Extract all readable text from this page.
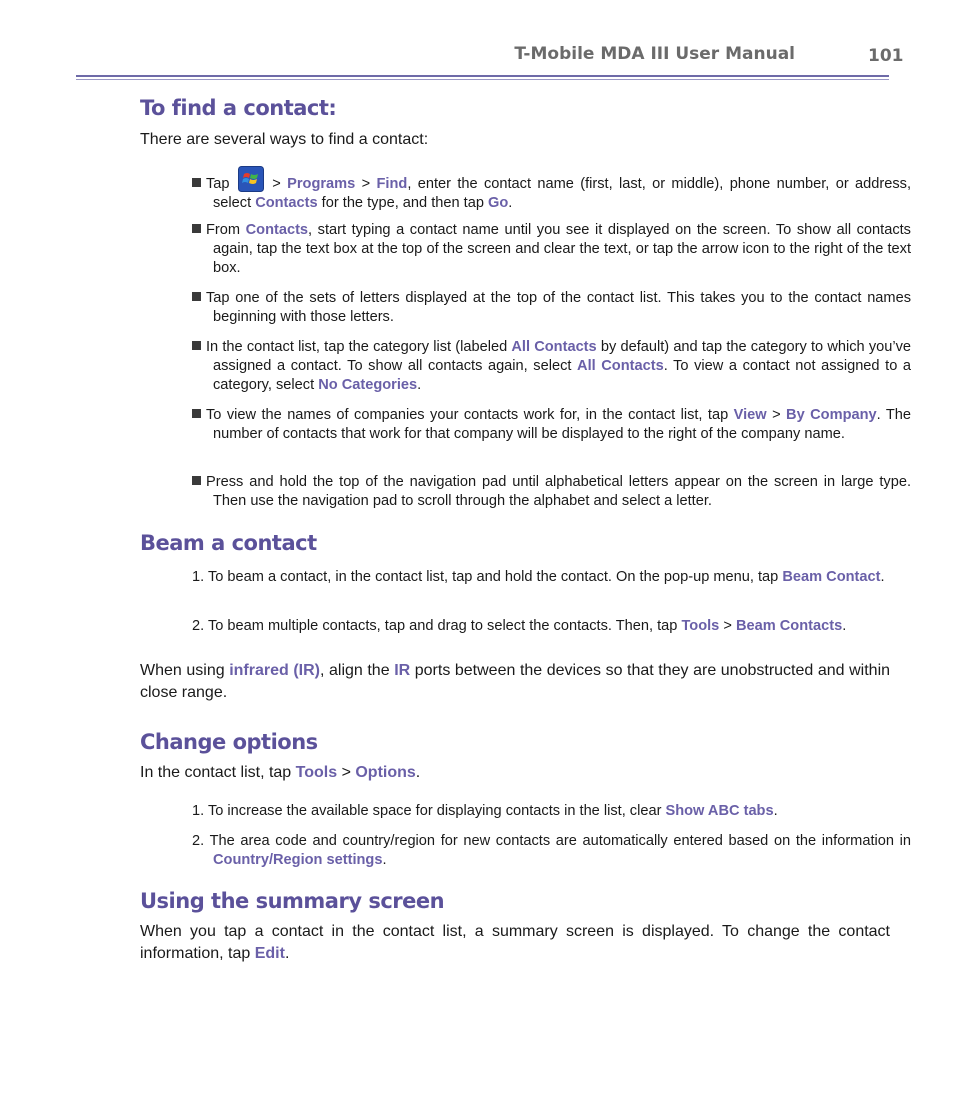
T-Mobile MDA III User Manual	101
To find a contact:
There are several ways to find a contact:
Tap  > Programs > Find, enter the contact name (first, last, or middle), phone number, or address, select Contacts for the type, and then tap Go.
From Contacts, start typing a contact name until you see it displayed on the screen. To show all contacts again, tap the text box at the top of the screen and clear the text, or tap the arrow icon to the right of the text box.
Tap one of the sets of letters displayed at the top of the contact list. This takes you to the contact names beginning with those letters.
In the contact list, tap the category list (labeled All Contacts by default) and tap the category to which you’ve assigned a contact. To show all contacts again, select All Contacts. To view a contact not assigned to a category, select No Categories.
To view the names of companies your contacts work for, in the contact list, tap View > By Company. The number of contacts that work for that company will be displayed to the right of the company name.
Press and hold the top of the navigation pad until alphabetical letters appear on the screen in large type. Then use the navigation pad to scroll through the alphabet and select a letter.
Beam a contact
1. To beam a contact, in the contact list, tap and hold the contact. On the pop-up menu, tap Beam Contact.
2. To beam multiple contacts, tap and drag to select the contacts. Then, tap Tools > Beam Contacts.
When using infrared (IR), align the IR ports between the devices so that they are unobstructed and within close range.
Change options
In the contact list, tap Tools > Options.
1. To increase the available space for displaying contacts in the list, clear Show ABC tabs.
2. The area code and country/region for new contacts are automatically entered based on the information in Country/Region settings.
Using the summary screen
When you tap a contact in the contact list, a summary screen is displayed. To change the contact information, tap Edit.
